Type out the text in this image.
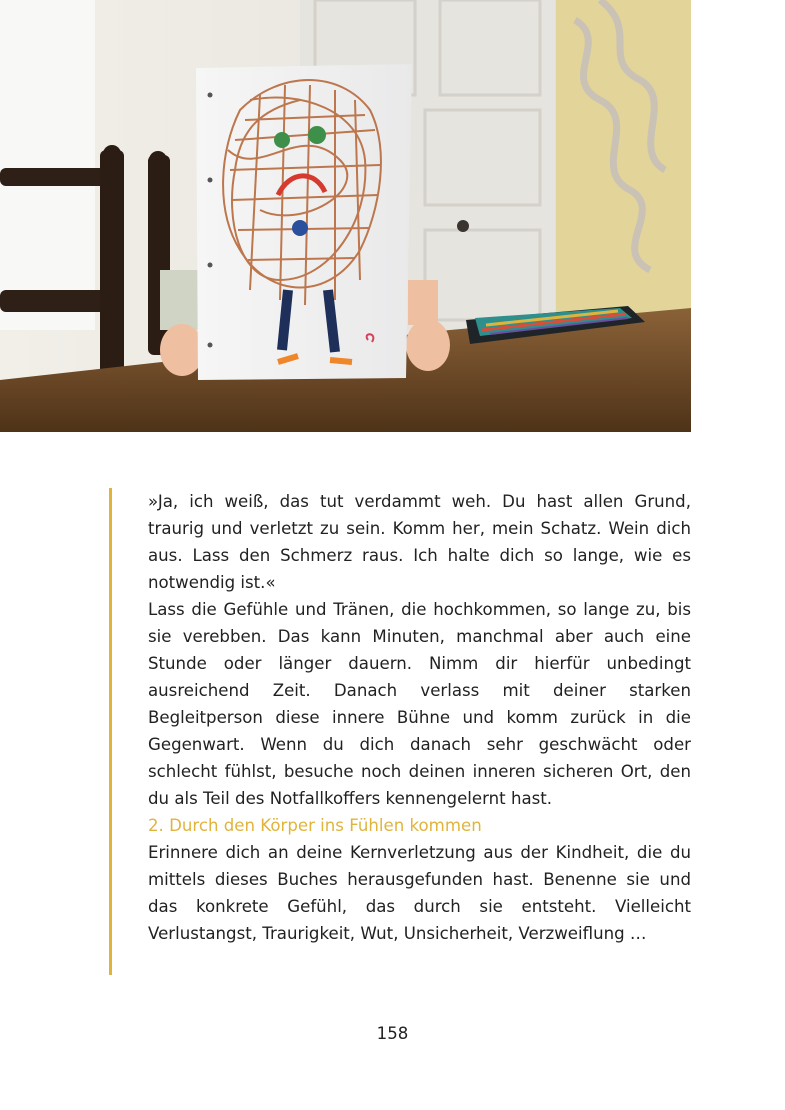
»Ja, ich weiß, das tut verdammt weh. Du hast allen Grund, traurig und verletzt zu sein. Komm her, mein Schatz. Wein dich aus. Lass den Schmerz raus. Ich halte dich so lange, wie es notwendig ist.«

Lass die Gefühle und Tränen, die hochkommen, so lange zu, bis sie verebben. Das kann Minuten, manchmal aber auch eine Stunde oder länger dauern. Nimm dir hierfür unbedingt ausreichend Zeit. Danach verlass mit deiner starken Begleitperson diese innere Bühne und komm zurück in die Gegenwart. Wenn du dich danach sehr geschwächt oder schlecht fühlst, besuche noch deinen inneren sicheren Ort, den du als Teil des Notfallkoffers kennengelernt hast.

2. Durch den Körper ins Fühlen kommen

Erinnere dich an deine Kernverletzung aus der Kindheit, die du mittels dieses Buches herausgefunden hast. Benenne sie und das konkrete Gefühl, das durch sie entsteht. Vielleicht Verlustangst, Traurigkeit, Wut, Unsicherheit, Verzweiflung …

158
